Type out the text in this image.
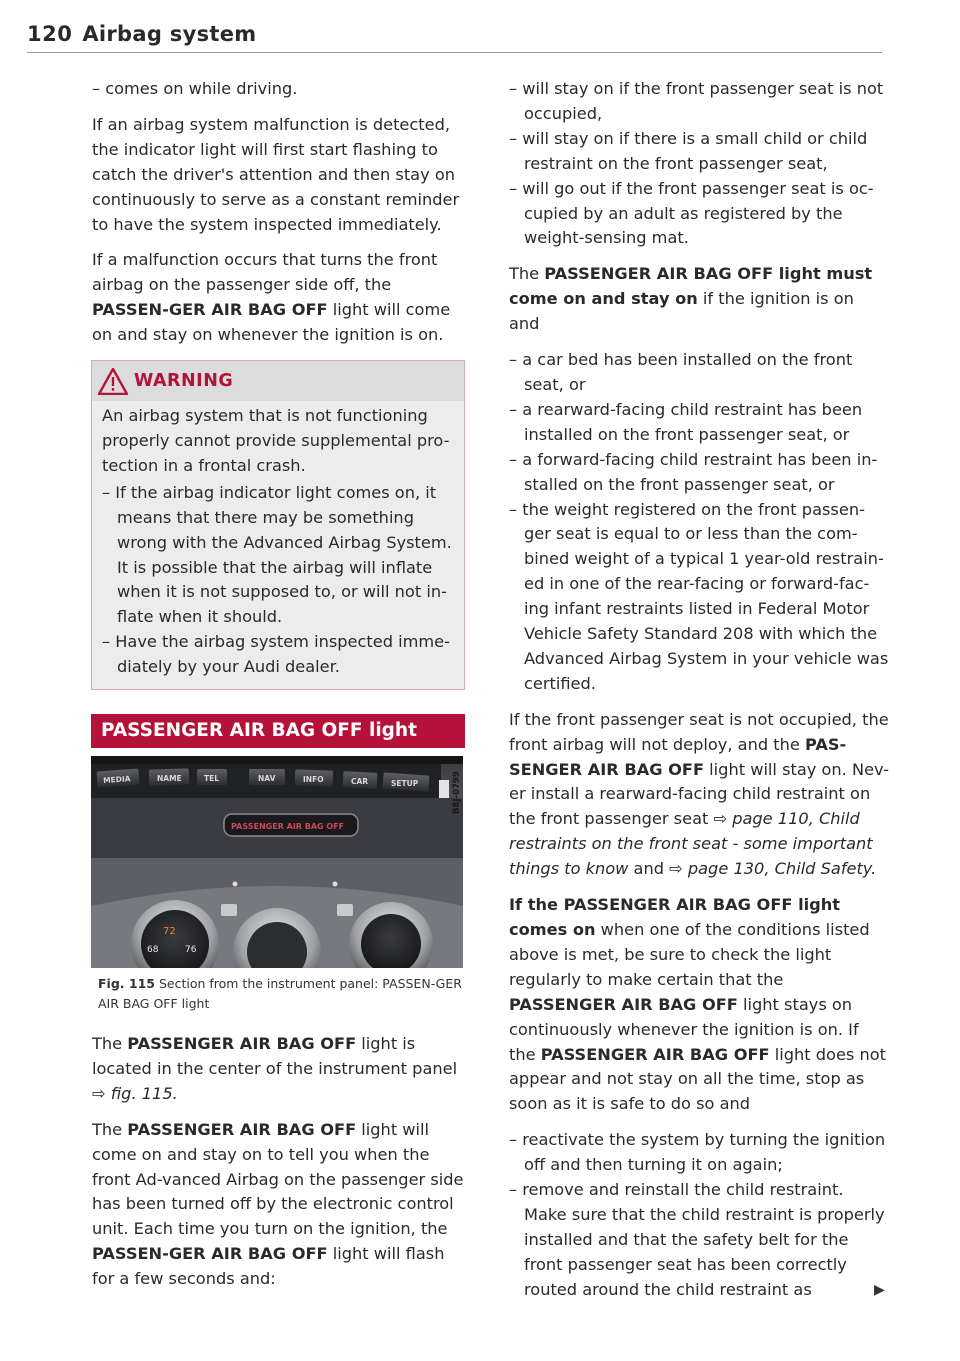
120 Airbag system

– comes on while driving.

If an airbag system malfunction is detected, the indicator light will first start flashing to catch the driver's attention and then stay on continuously to serve as a constant reminder to have the system inspected immediately.

If a malfunction occurs that turns the front airbag on the passenger side off, the PASSEN-GER AIR BAG OFF light will come on and stay on whenever the ignition is on.

WARNING

An airbag system that is not functioning properly cannot provide supplemental pro-tection in a frontal crash.

– If the airbag indicator light comes on, it means that there may be something wrong with the Advanced Airbag System. It is possible that the airbag will inflate when it is not supposed to, or will not in-flate when it should.
– Have the airbag system inspected imme-diately by your Audi dealer.
PASSENGER AIR BAG OFF light
MEDIA	NAME	TEL	NAV	INFO	CAR	SETUP
PASSENGER AIR BAG OFF
B8J-0799
72
68	76
Fig. 115 Section from the instrument panel: PASSEN-GER AIR BAG OFF light

The PASSENGER AIR BAG OFF light is located in the center of the instrument panel ⇨ fig. 115.

The PASSENGER AIR BAG OFF light will come on and stay on to tell you when the front Ad-vanced Airbag on the passenger side has been turned off by the electronic control unit. Each time you turn on the ignition, the PASSEN-GER AIR BAG OFF light will flash for a few seconds and:

– will stay on if the front passenger seat is not occupied,
– will stay on if there is a small child or child restraint on the front passenger seat,
– will go out if the front passenger seat is oc-cupied by an adult as registered by the weight-sensing mat.

The PASSENGER AIR BAG OFF light must come on and stay on if the ignition is on and

– a car bed has been installed on the front seat, or
– a rearward-facing child restraint has been installed on the front passenger seat, or
– a forward-facing child restraint has been in-stalled on the front passenger seat, or
– the weight registered on the front passen-ger seat is equal to or less than the com-bined weight of a typical 1 year-old restrain-ed in one of the rear-facing or forward-fac-ing infant restraints listed in Federal Motor Vehicle Safety Standard 208 with which the Advanced Airbag System in your vehicle was certified.

If the front passenger seat is not occupied, the front airbag will not deploy, and the PAS-SENGER AIR BAG OFF light will stay on. Nev-er install a rearward-facing child restraint on the front passenger seat ⇨ page 110, Child restraints on the front seat - some important things to know and ⇨ page 130, Child Safety.

If the PASSENGER AIR BAG OFF light comes on when one of the conditions listed above is met, be sure to check the light regularly to make certain that the PASSENGER AIR BAG OFF light stays on continuously whenever the ignition is on. If the PASSENGER AIR BAG OFF light does not appear and not stay on all the time, stop as soon as it is safe to do so and

– reactivate the system by turning the ignition off and then turning it on again;
– remove and reinstall the child restraint. Make sure that the child restraint is properly installed and that the safety belt for the front passenger seat has been correctly routed around the child restraint as	▶
